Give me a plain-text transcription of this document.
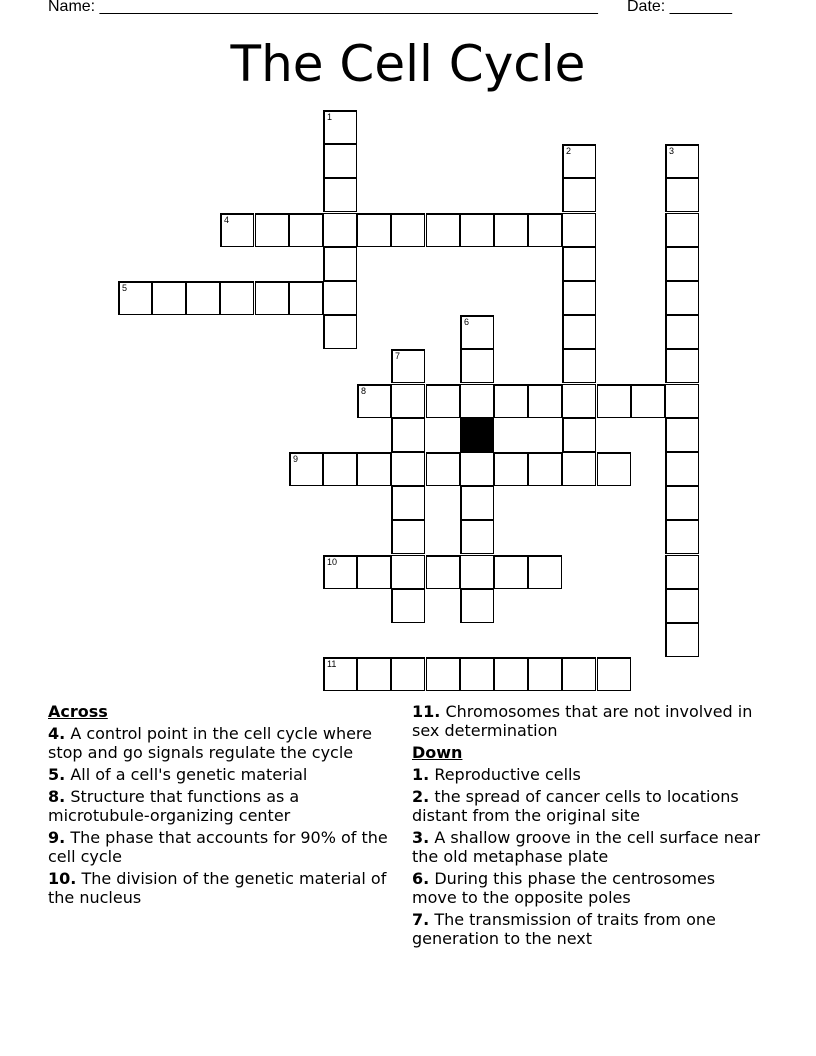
Name: ________________________________________________________ Date: _______
The Cell Cycle
1
2	3
4
5
6
7
8
9
10
11
Across
4. A control point in the cell cycle where stop and go signals regulate the cycle
5. All of a cell's genetic material
8. Structure that functions as a microtubule-organizing center
9. The phase that accounts for 90% of the cell cycle
10. The division of the genetic material of the nucleus
11. Chromosomes that are not involved in sex determination
Down
1. Reproductive cells
2. the spread of cancer cells to locations distant from the original site
3. A shallow groove in the cell surface near the old metaphase plate
6. During this phase the centrosomes move to the opposite poles
7. The transmission of traits from one generation to the next
